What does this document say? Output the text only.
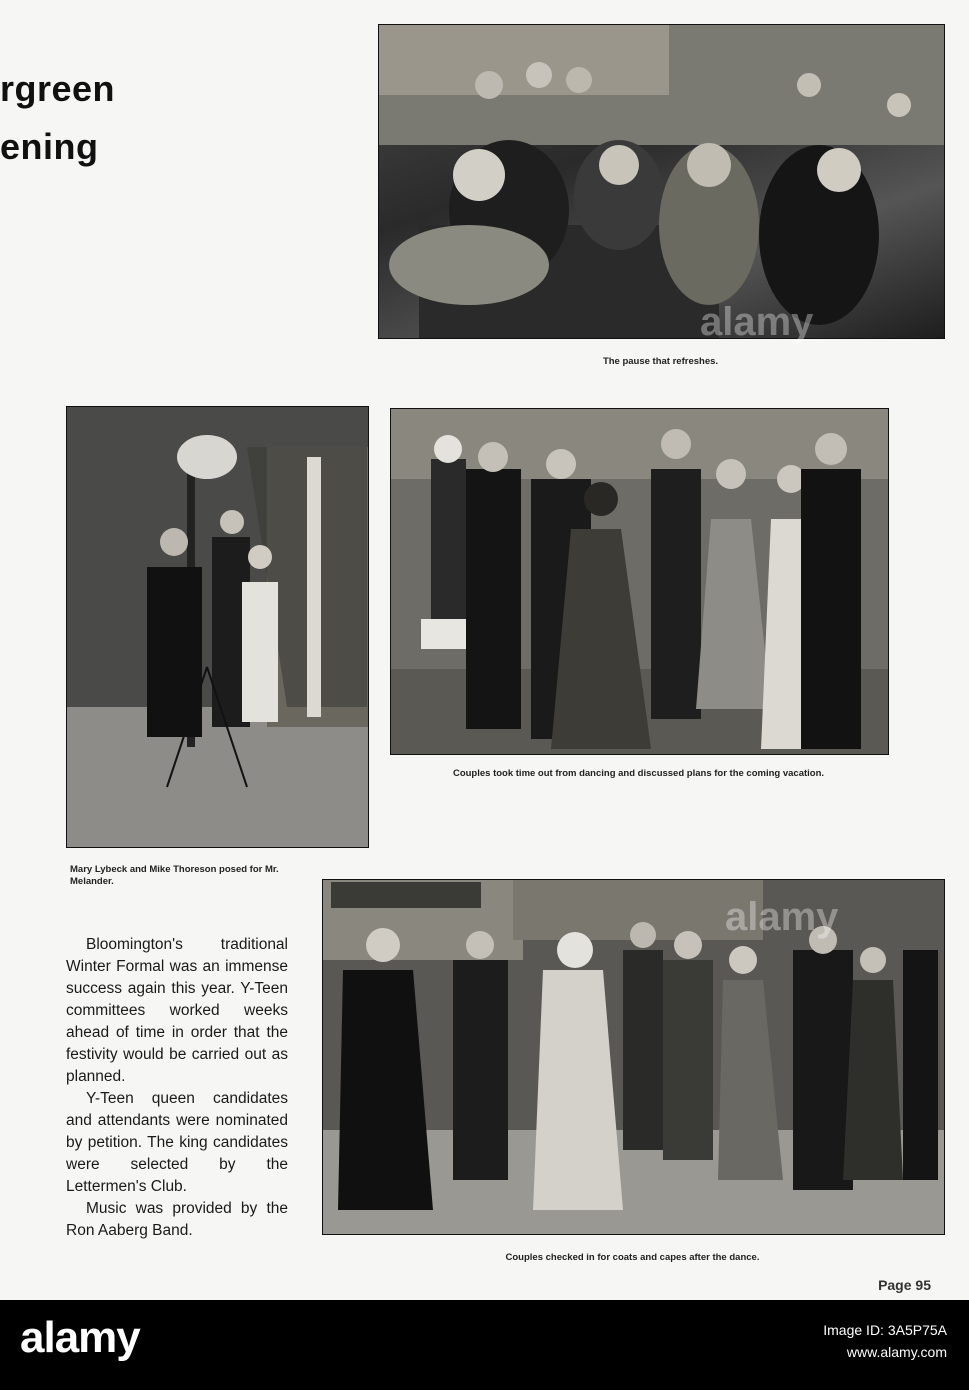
rgreen
ening
The pause that refreshes.
Mary Lybeck and Mike Thoreson posed for Mr. Melander.
Couples took time out from dancing and discussed plans for the coming vacation.
Couples checked in for coats and capes after the dance.

Bloomington's traditional Winter Formal was an immense success again this year. Y-Teen committees worked weeks ahead of time in order that the festivity would be carried out as planned.

Y-Teen queen candidates and attendants were nominated by petition. The king candidates were selected by the Lettermen's Club.

Music was provided by the Ron Aaberg Band.

Page 95
alamy
alamy
alamy	Image ID: 3A5P75A
www.alamy.com
